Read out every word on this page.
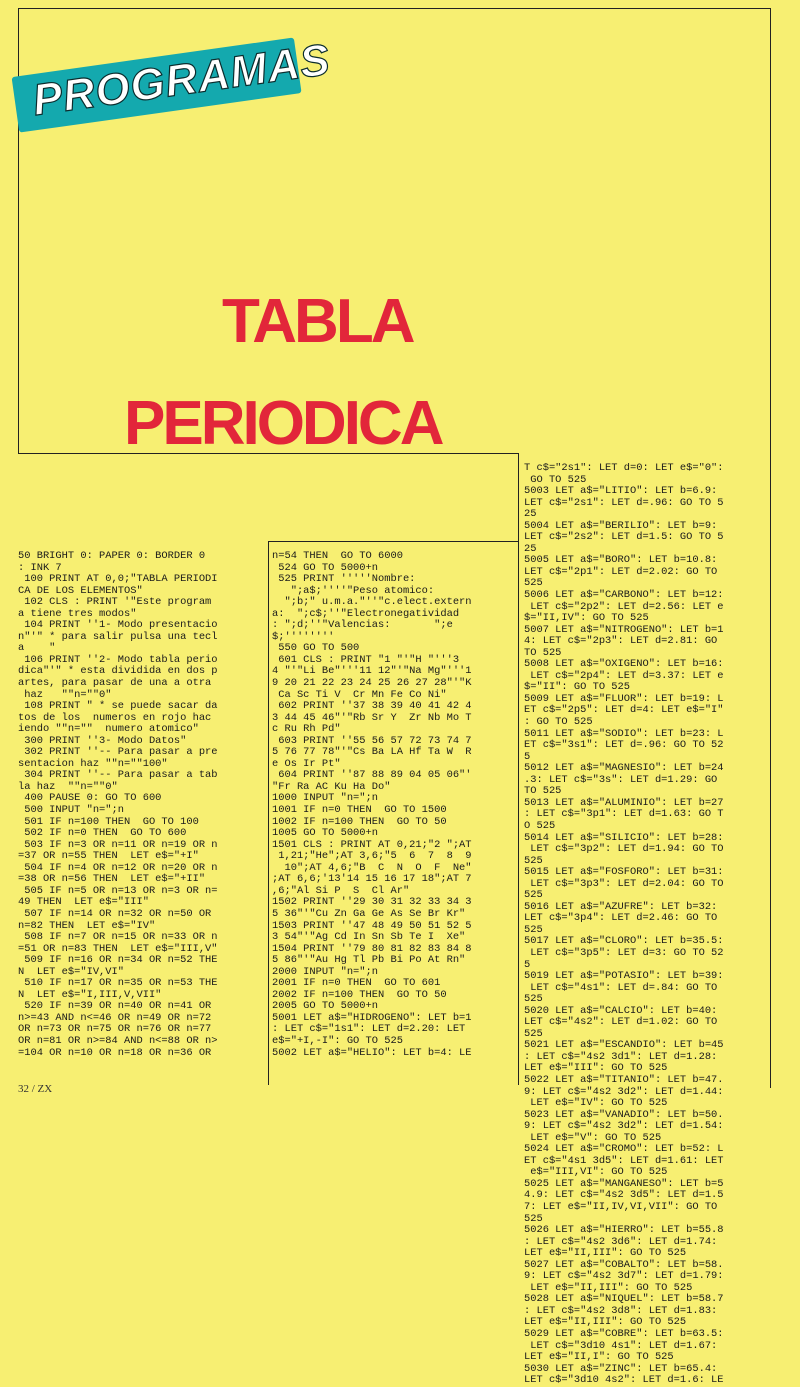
PROGRAMAS
TABLA
PERIODICA
50 BRIGHT 0: PAPER 0: BORDER 0
: INK 7
100 PRINT AT 0,0;"TABLA PERIODI
CA DE LOS ELEMENTOS"
102 CLS : PRINT '"Este program
a tiene tres modos"
104 PRINT ''1- Modo presentacio
n"'" * para salir pulsa una tecl
a    "
106 PRINT ''2- Modo tabla perio
dica"'" * esta dividida en dos p
artes, para pasar de una a otra
haz   ""n=""0"
108 PRINT " * se puede sacar da
tos de los  numeros en rojo hac
iendo ""n=""  numero atomico"
300 PRINT ''3- Modo Datos"
302 PRINT ''-- Para pasar a pre
sentacion haz ""n=""100"
304 PRINT ''-- Para pasar a tab
la haz  ""n=""0"
400 PAUSE 0: GO TO 600
500 INPUT "n=";n
501 IF n=100 THEN  GO TO 100
502 IF n=0 THEN  GO TO 600
503 IF n=3 OR n=11 OR n=19 OR n
=37 OR n=55 THEN  LET e$="+I"
504 IF n=4 OR n=12 OR n=20 OR n
=38 OR n=56 THEN  LET e$="+II"
505 IF n=5 OR n=13 OR n=3 OR n=
49 THEN  LET e$="III"
507 IF n=14 OR n=32 OR n=50 OR
n=82 THEN  LET e$="IV"
508 IF n=7 OR n=15 OR n=33 OR n
=51 OR n=83 THEN  LET e$="III,V"
509 IF n=16 OR n=34 OR n=52 THE
N  LET e$="IV,VI"
510 IF n=17 OR n=35 OR n=53 THE
N  LET e$="I,III,V,VII"
520 IF n=39 OR n=40 OR n=41 OR
n>=43 AND n<=46 OR n=49 OR n=72
OR n=73 OR n=75 OR n=76 OR n=77
OR n=81 OR n>=84 AND n<=88 OR n>
=104 OR n=10 OR n=18 OR n=36 OR
n=54 THEN  GO TO 6000
524 GO TO 5000+n
525 PRINT '''''Nombre:
";a$;''''"Peso atomico:
";b;" u.m.a."''"c.elect.extern
a:  ";c$;''"Electronegatividad
: ";d;''"Valencias:       ";e
$;''''''''
550 GO TO 500
601 CLS : PRINT "1 "'"H "'''3
4 "'"Li Be"'''11 12"'"Na Mg"'''1
9 20 21 22 23 24 25 26 27 28"'"K
Ca Sc Ti V  Cr Mn Fe Co Ni"
602 PRINT ''37 38 39 40 41 42 4
3 44 45 46"'"Rb Sr Y  Zr Nb Mo T
c Ru Rh Pd"
603 PRINT ''55 56 57 72 73 74 7
5 76 77 78"'"Cs Ba LA Hf Ta W  R
e Os Ir Pt"
604 PRINT ''87 88 89 04 05 06"'
"Fr Ra AC Ku Ha Do"
1000 INPUT "n=";n
1001 IF n=0 THEN  GO TO 1500
1002 IF n=100 THEN  GO TO 50
1005 GO TO 5000+n
1501 CLS : PRINT AT 0,21;"2 ";AT
1,21;"He";AT 3,6;"5  6  7  8  9
10";AT 4,6;"B  C  N  O  F  Ne"
;AT 6,6;'13'14 15 16 17 18";AT 7
,6;"Al Si P  S  Cl Ar"
1502 PRINT ''29 30 31 32 33 34 3
5 36"'"Cu Zn Ga Ge As Se Br Kr"
1503 PRINT ''47 48 49 50 51 52 5
3 54"'"Ag Cd In Sn Sb Te I  Xe"
1504 PRINT ''79 80 81 82 83 84 8
5 86"'"Au Hg Tl Pb Bi Po At Rn"
2000 INPUT "n=";n
2001 IF n=0 THEN  GO TO 601
2002 IF n=100 THEN  GO TO 50
2005 GO TO 5000+n
5001 LET a$="HIDROGENO": LET b=1
: LET c$="1s1": LET d=2.20: LET
e$="+I,-I": GO TO 525
5002 LET a$="HELIO": LET b=4: LE
T c$="2s1": LET d=0: LET e$="0":
GO TO 525
5003 LET a$="LITIO": LET b=6.9:
LET c$="2s1": LET d=.96: GO TO 5
25
5004 LET a$="BERILIO": LET b=9:
LET c$="2s2": LET d=1.5: GO TO 5
25
5005 LET a$="BORO": LET b=10.8:
LET c$="2p1": LET d=2.02: GO TO
525
5006 LET a$="CARBONO": LET b=12:
LET c$="2p2": LET d=2.56: LET e
$="II,IV": GO TO 525
5007 LET a$="NITROGENO": LET b=1
4: LET c$="2p3": LET d=2.81: GO
TO 525
5008 LET a$="OXIGENO": LET b=16:
LET c$="2p4": LET d=3.37: LET e
$="II": GO TO 525
5009 LET a$="FLUOR": LET b=19: L
ET c$="2p5": LET d=4: LET e$="I"
: GO TO 525
5011 LET a$="SODIO": LET b=23: L
ET c$="3s1": LET d=.96: GO TO 52
5
5012 LET a$="MAGNESIO": LET b=24
.3: LET c$="3s": LET d=1.29: GO
TO 525
5013 LET a$="ALUMINIO": LET b=27
: LET c$="3p1": LET d=1.63: GO T
O 525
5014 LET a$="SILICIO": LET b=28:
LET c$="3p2": LET d=1.94: GO TO
525
5015 LET a$="FOSFORO": LET b=31:
LET c$="3p3": LET d=2.04: GO TO
525
5016 LET a$="AZUFRE": LET b=32:
LET c$="3p4": LET d=2.46: GO TO
525
5017 LET a$="CLORO": LET b=35.5:
LET c$="3p5": LET d=3: GO TO 52
5
5019 LET a$="POTASIO": LET b=39:
LET c$="4s1": LET d=.84: GO TO
525
5020 LET a$="CALCIO": LET b=40:
LET c$="4s2": LET d=1.02: GO TO
525
5021 LET a$="ESCANDIO": LET b=45
: LET c$="4s2 3d1": LET d=1.28:
LET e$="III": GO TO 525
5022 LET a$="TITANIO": LET b=47.
9: LET c$="4s2 3d2": LET d=1.44:
LET e$="IV": GO TO 525
5023 LET a$="VANADIO": LET b=50.
9: LET c$="4s2 3d2": LET d=1.54:
LET e$="V": GO TO 525
5024 LET a$="CROMO": LET b=52: L
ET c$="4s1 3d5": LET d=1.61: LET
e$="III,VI": GO TO 525
5025 LET a$="MANGANESO": LET b=5
4.9: LET c$="4s2 3d5": LET d=1.5
7: LET e$="II,IV,VI,VII": GO TO
525
5026 LET a$="HIERRO": LET b=55.8
: LET c$="4s2 3d6": LET d=1.74:
LET e$="II,III": GO TO 525
5027 LET a$="COBALTO": LET b=58.
9: LET c$="4s2 3d7": LET d=1.79:
LET e$="II,III": GO TO 525
5028 LET a$="NIQUEL": LET b=58.7
: LET c$="4s2 3d8": LET d=1.83:
LET e$="II,III": GO TO 525
5029 LET a$="COBRE": LET b=63.5:
LET c$="3d10 4s1": LET d=1.67:
LET e$="II,I": GO TO 525
5030 LET a$="ZINC": LET b=65.4:
LET c$="3d10 4s2": LET d=1.6: LE
32 / ZX
